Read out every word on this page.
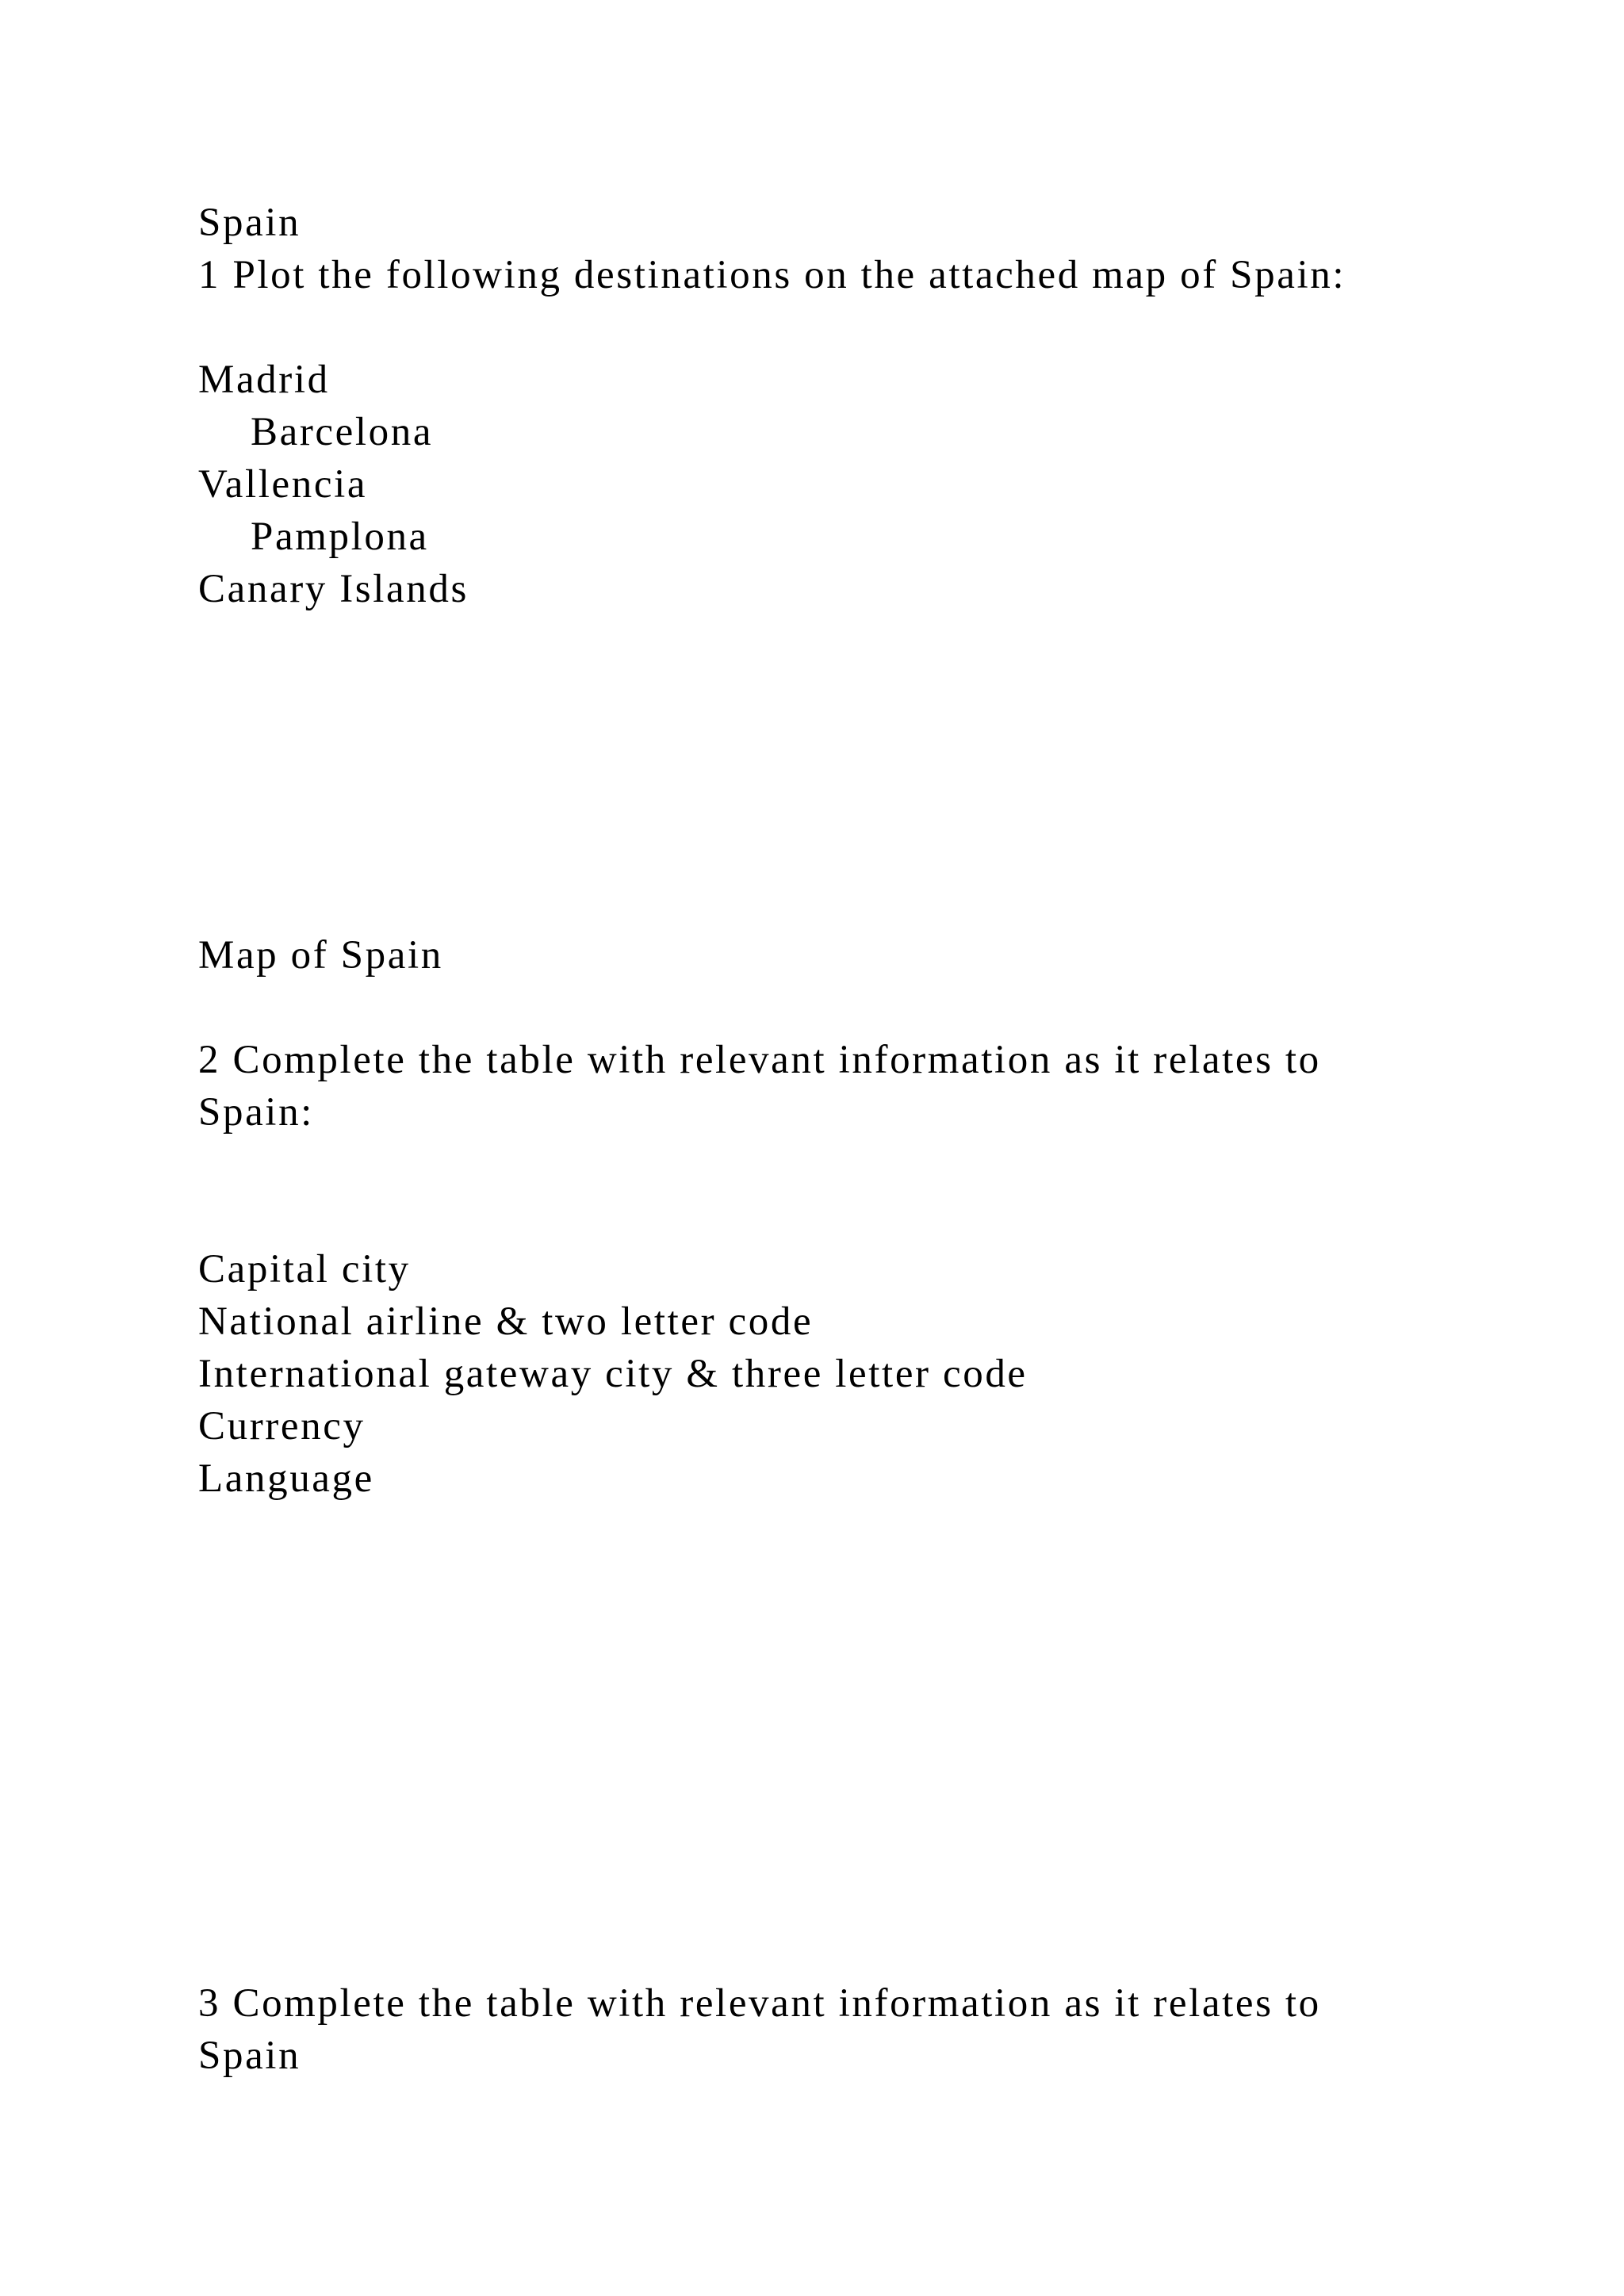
Spain
1 Plot the following destinations on the attached map of Spain:
Madrid
Barcelona
Vallencia
Pamplona
Canary Islands
Map of Spain
2 Complete the table with relevant information as it relates to
Spain:
Capital city
National airline & two letter code
International gateway city & three letter code
Currency
Language
3 Complete the table with relevant information as it relates to
Spain
